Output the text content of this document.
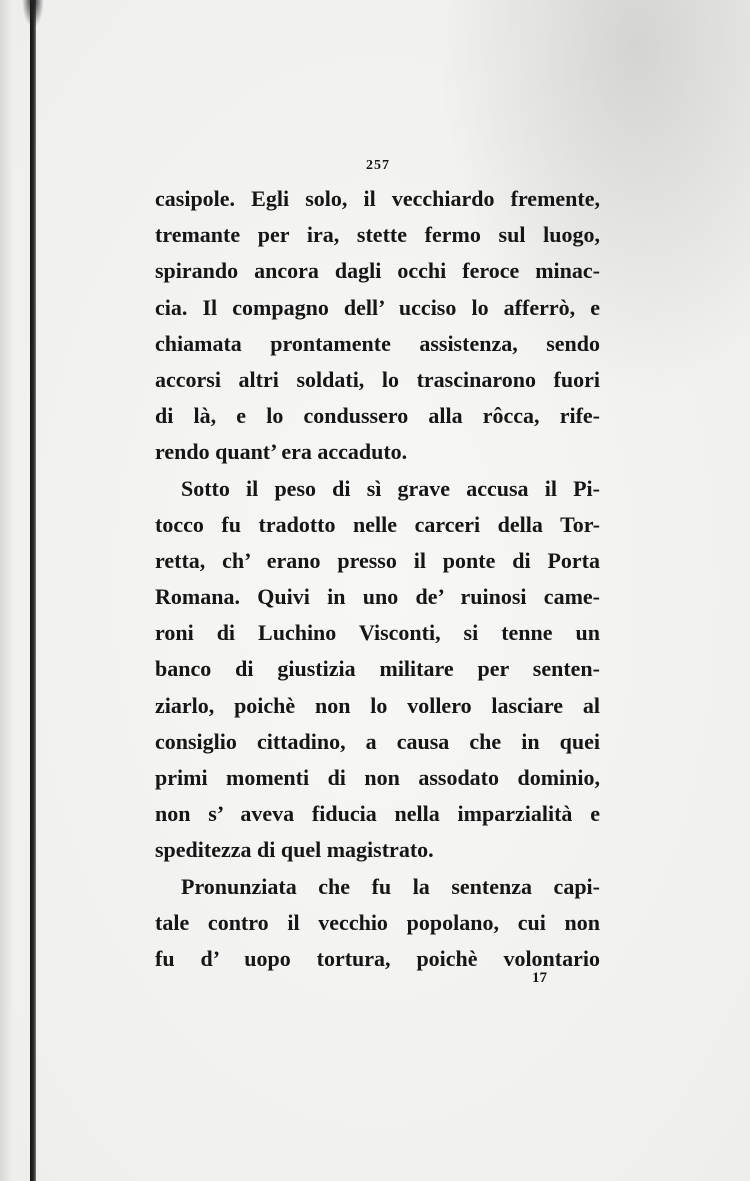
257

casipole. Egli solo, il vecchiardo fremente,
tremante per ira, stette fermo sul luogo,
spirando ancora dagli occhi feroce minac-
cia. Il compagno dell’ ucciso lo afferrò, e
chiamata prontamente assistenza, sendo
accorsi altri soldati, lo trascinarono fuori
di là, e lo condussero alla rôcca, rife-
rendo quant’ era accaduto.
Sotto il peso di sì grave accusa il Pi-
tocco fu tradotto nelle carceri della Tor-
retta, ch’ erano presso il ponte di Porta
Romana. Quivi in uno de’ ruinosi came-
roni di Luchino Visconti, si tenne un
banco di giustizia militare per senten-
ziarlo, poichè non lo vollero lasciare al
consiglio cittadino, a causa che in quei
primi momenti di non assodato dominio,
non s’ aveva fiducia nella imparzialità e
speditezza di quel magistrato.
Pronunziata che fu la sentenza capi-
tale contro il vecchio popolano, cui non
fu d’ uopo tortura, poichè volontario

17
